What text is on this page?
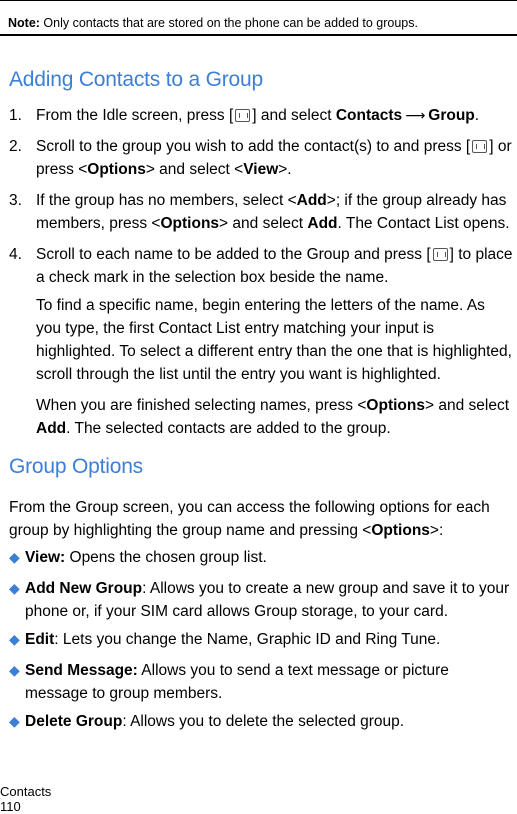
Note: Only contacts that are stored on the phone can be added to groups.
Adding Contacts to a Group
1. From the Idle screen, press [ ] and select Contacts ⟶ Group.
2. Scroll to the group you wish to add the contact(s) to and press [ ] or press <Options> and select <View>.
3. If the group has no members, select <Add>; if the group already has members, press <Options> and select Add. The Contact List opens.
4. Scroll to each name to be added to the Group and press [ ] to place a check mark in the selection box beside the name.
To find a specific name, begin entering the letters of the name. As you type, the first Contact List entry matching your input is highlighted. To select a different entry than the one that is highlighted, scroll through the list until the entry you want is highlighted.
When you are finished selecting names, press <Options> and select Add. The selected contacts are added to the group.
Group Options
From the Group screen, you can access the following options for each group by highlighting the group name and pressing <Options>:
◆ View: Opens the chosen group list.
◆ Add New Group: Allows you to create a new group and save it to your phone or, if your SIM card allows Group storage, to your card.
◆ Edit: Lets you change the Name, Graphic ID and Ring Tune.
◆ Send Message: Allows you to send a text message or picture message to group members.
◆ Delete Group: Allows you to delete the selected group.
Contacts
110
